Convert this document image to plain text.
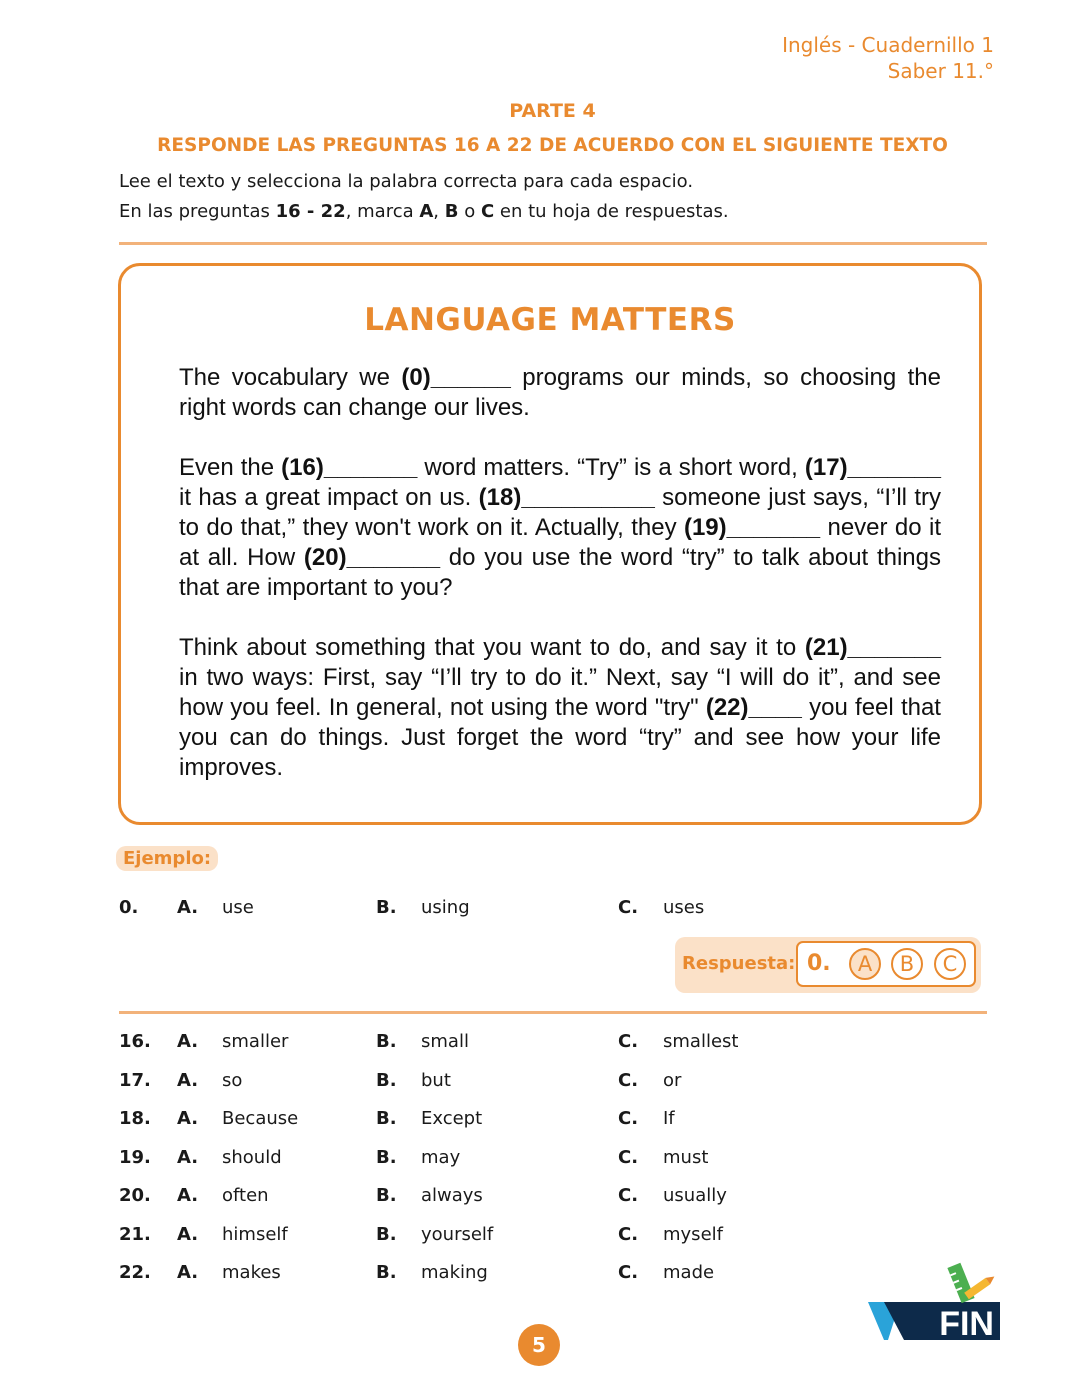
Inglés - Cuadernillo 1
Saber 11.°
PARTE 4
RESPONDE LAS PREGUNTAS 16 A 22 DE ACUERDO CON EL SIGUIENTE TEXTO
Lee el texto y selecciona la palabra correcta para cada espacio.
En las preguntas 16 - 22, marca A, B o C en tu hoja de respuestas.
LANGUAGE MATTERS
The vocabulary we (0)______ programs our minds, so choosing the right words can change our lives.
Even the (16)_______ word matters. “Try” is a short word, (17)_______ it has a great impact on us. (18)__________ someone just says, “I’ll try to do that,” they won't work on it. Actually, they (19)_______ never do it at all. How (20)_______ do you use the word “try” to talk about things that are important to you?
Think about something that you want to do, and say it to (21)_______ in two ways: First, say “I’ll try to do it.” Next, say “I will do it”, and see how you feel. In general, not using the word "try" (22)____ you feel that you can do things. Just forget the word “try” and see how your life improves.
Ejemplo:
0. A. use	B. using	C. uses
Respuesta: 0.	A	B	C
16. A. smaller	B. small	C. smallest
17. A. so	B. but	C. or
18. A. Because	B. Except	C. If
19. A. should	B. may	C. must
20. A. often	B. always	C. usually
21. A. himself	B. yourself	C. myself
22. A. makes	B. making	C. made
5
FIN
